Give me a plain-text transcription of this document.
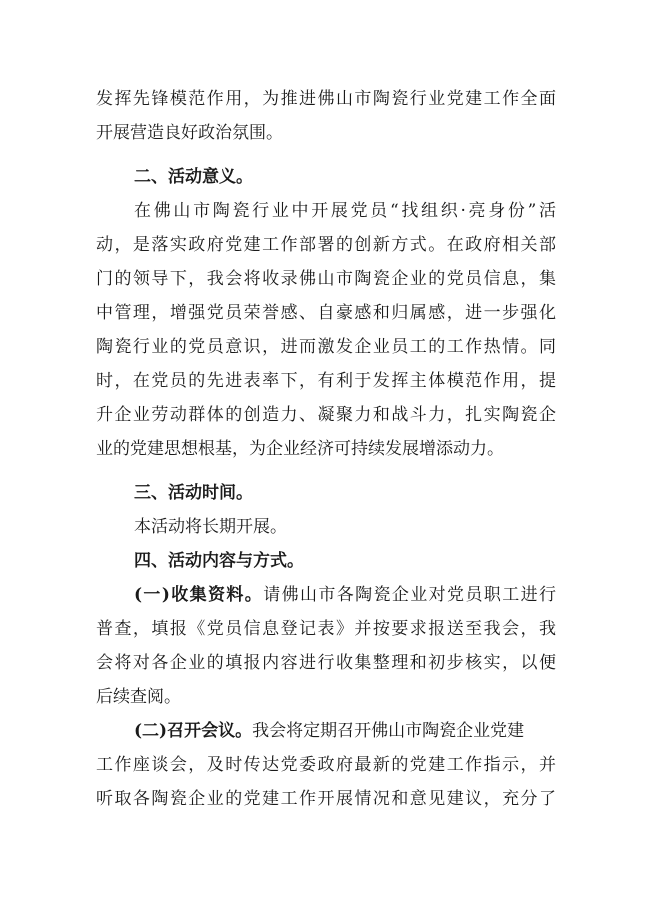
发挥先锋模范作用，为推进佛山市陶瓷行业党建工作全面
开展营造良好政治氛围。
二、活动意义。
在佛山市陶瓷行业中开展党员“找组织·亮身份”活
动，是落实政府党建工作部署的创新方式。在政府相关部
门的领导下，我会将收录佛山市陶瓷企业的党员信息，集
中管理，增强党员荣誉感、自豪感和归属感，进一步强化
陶瓷行业的党员意识，进而激发企业员工的工作热情。同
时，在党员的先进表率下，有利于发挥主体模范作用，提
升企业劳动群体的创造力、凝聚力和战斗力，扎实陶瓷企
业的党建思想根基，为企业经济可持续发展增添动力。
三、活动时间。
本活动将长期开展。
四、活动内容与方式。
(一)收集资料。请佛山市各陶瓷企业对党员职工进行
普查，填报《党员信息登记表》并按要求报送至我会，我
会将对各企业的填报内容进行收集整理和初步核实，以便
后续查阅。
(二)召开会议。我会将定期召开佛山市陶瓷企业党建
工作座谈会，及时传达党委政府最新的党建工作指示，并
听取各陶瓷企业的党建工作开展情况和意见建议，充分了
